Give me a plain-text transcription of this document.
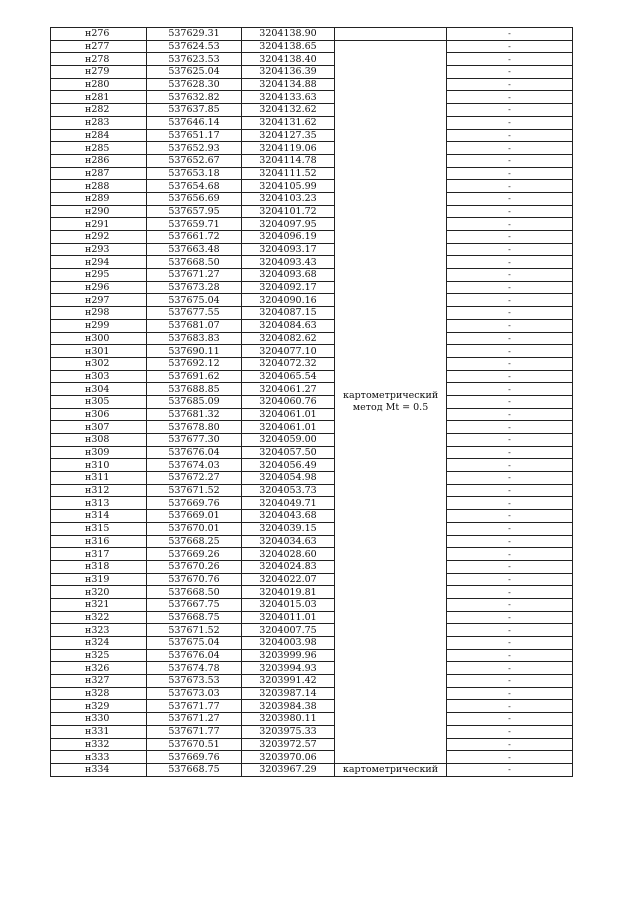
н276	537629.31	3204138.90		-
н277	537624.53	3204138.65	картометрический метод Mt = 0.5	-
н278	537623.53	3204138.40		-
н279	537625.04	3204136.39		-
н280	537628.30	3204134.88		-
н281	537632.82	3204133.63		-
н282	537637.85	3204132.62		-
н283	537646.14	3204131.62		-
н284	537651.17	3204127.35		-
н285	537652.93	3204119.06		-
н286	537652.67	3204114.78		-
н287	537653.18	3204111.52		-
н288	537654.68	3204105.99		-
н289	537656.69	3204103.23		-
н290	537657.95	3204101.72		-
н291	537659.71	3204097.95		-
н292	537661.72	3204096.19		-
н293	537663.48	3204093.17		-
н294	537668.50	3204093.43		-
н295	537671.27	3204093.68		-
н296	537673.28	3204092.17		-
н297	537675.04	3204090.16		-
н298	537677.55	3204087.15		-
н299	537681.07	3204084.63		-
н300	537683.83	3204082.62		-
н301	537690.11	3204077.10		-
н302	537692.12	3204072.32		-
н303	537691.62	3204065.54		-
н304	537688.85	3204061.27		-
н305	537685.09	3204060.76		-
н306	537681.32	3204061.01		-
н307	537678.80	3204061.01		-
н308	537677.30	3204059.00		-
н309	537676.04	3204057.50		-
н310	537674.03	3204056.49		-
н311	537672.27	3204054.98		-
н312	537671.52	3204053.73		-
н313	537669.76	3204049.71		-
н314	537669.01	3204043.68		-
н315	537670.01	3204039.15		-
н316	537668.25	3204034.63		-
н317	537669.26	3204028.60		-
н318	537670.26	3204024.83		-
н319	537670.76	3204022.07		-
н320	537668.50	3204019.81		-
н321	537667.75	3204015.03		-
н322	537668.75	3204011.01		-
н323	537671.52	3204007.75		-
н324	537675.04	3204003.98		-
н325	537676.04	3203999.96		-
н326	537674.78	3203994.93		-
н327	537673.53	3203991.42		-
н328	537673.03	3203987.14		-
н329	537671.77	3203984.38		-
н330	537671.27	3203980.11		-
н331	537671.77	3203975.33		-
н332	537670.51	3203972.57		-
н333	537669.76	3203970.06		-
н334	537668.75	3203967.29	картометрический	-
